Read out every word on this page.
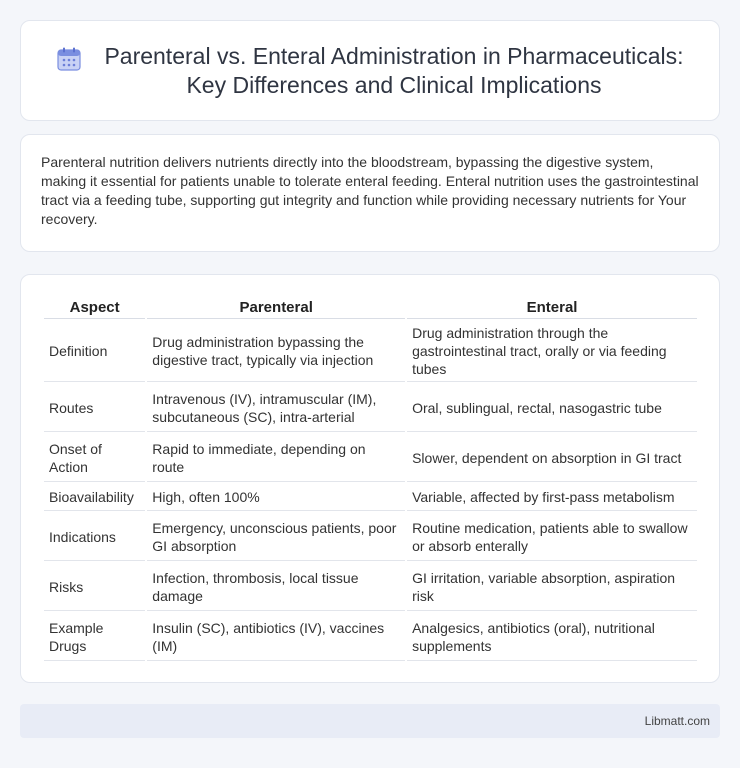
Parenteral vs. Enteral Administration in Pharmaceuticals:
Key Differences and Clinical Implications

Parenteral nutrition delivers nutrients directly into the bloodstream, bypassing the digestive system, making it essential for patients unable to tolerate enteral feeding. Enteral nutrition uses the gastrointestinal tract via a feeding tube, supporting gut integrity and function while providing necessary nutrients for Your recovery.

Aspect	Parenteral	Enteral
Definition	Drug administration bypassing the digestive tract, typically via injection	Drug administration through the gastrointestinal tract, orally or via feeding tubes
Routes	Intravenous (IV), intramuscular (IM), subcutaneous (SC), intra-arterial	Oral, sublingual, rectal, nasogastric tube
Onset of Action	Rapid to immediate, depending on route	Slower, dependent on absorption in GI tract
Bioavailability	High, often 100%	Variable, affected by first-pass metabolism
Indications	Emergency, unconscious patients, poor GI absorption	Routine medication, patients able to swallow or absorb enterally
Risks	Infection, thrombosis, local tissue damage	GI irritation, variable absorption, aspiration risk
Example Drugs	Insulin (SC), antibiotics (IV), vaccines (IM)	Analgesics, antibiotics (oral), nutritional supplements
Libmatt.com
